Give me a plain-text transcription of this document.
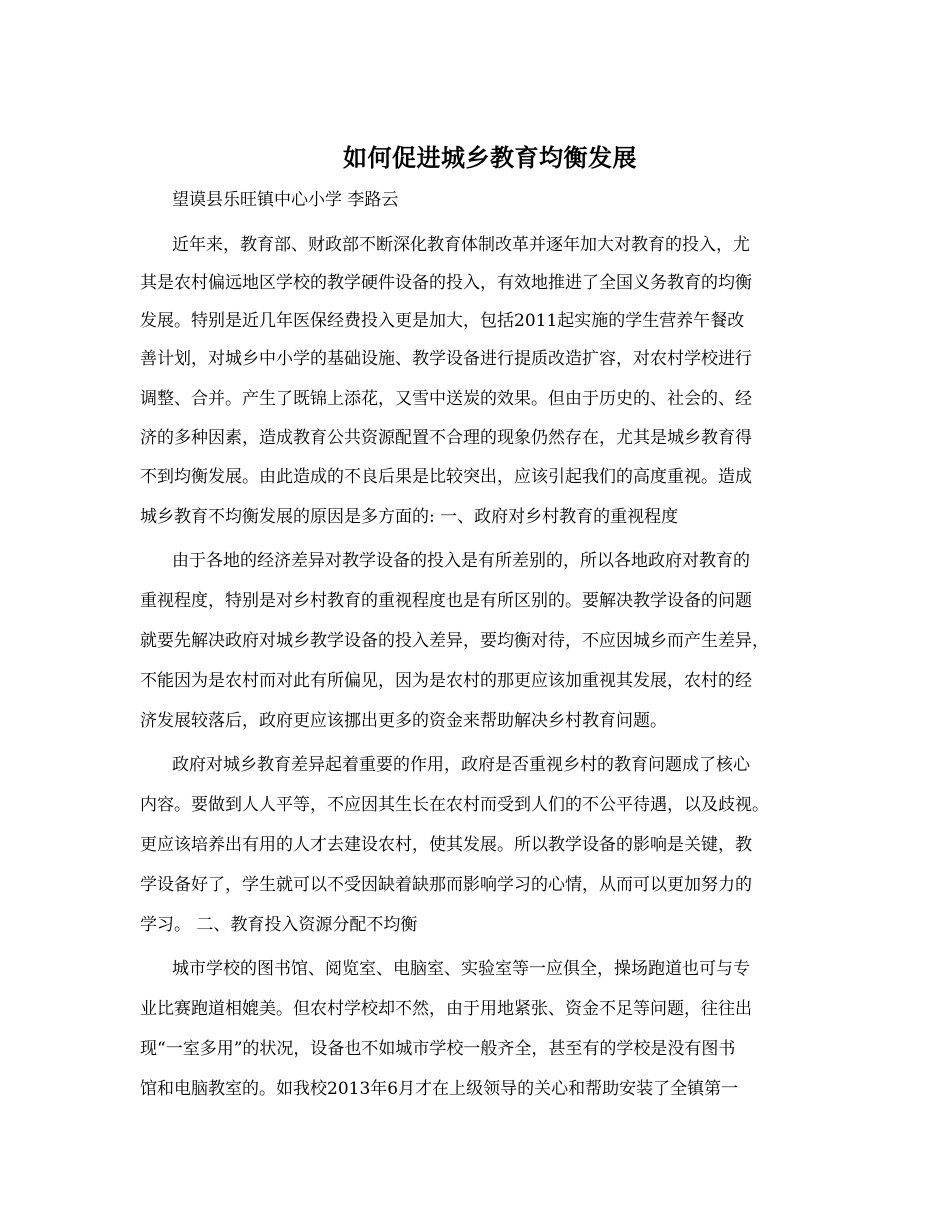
如何促进城乡教育均衡发展
望谟县乐旺镇中心小学 李路云
近年来，教育部、财政部不断深化教育体制改革并逐年加大对教育的投入，尤
其是农村偏远地区学校的教学硬件设备的投入，有效地推进了全国义务教育的均衡
发展。特别是近几年医保经费投入更是加大，包括2011起实施的学生营养午餐改
善计划，对城乡中小学的基础设施、教学设备进行提质改造扩容，对农村学校进行
调整、合并。产生了既锦上添花，又雪中送炭的效果。但由于历史的、社会的、经
济的多种因素，造成教育公共资源配置不合理的现象仍然存在，尤其是城乡教育得
不到均衡发展。由此造成的不良后果是比较突出，应该引起我们的高度重视。造成
城乡教育不均衡发展的原因是多方面的: 一、政府对乡村教育的重视程度
由于各地的经济差异对教学设备的投入是有所差别的，所以各地政府对教育的
重视程度，特别是对乡村教育的重视程度也是有所区别的。要解决教学设备的问题
就要先解决政府对城乡教学设备的投入差异，要均衡对待，不应因城乡而产生差异，
不能因为是农村而对此有所偏见，因为是农村的那更应该加重视其发展，农村的经
济发展较落后，政府更应该挪出更多的资金来帮助解决乡村教育问题。
政府对城乡教育差异起着重要的作用，政府是否重视乡村的教育问题成了核心
内容。要做到人人平等，不应因其生长在农村而受到人们的不公平待遇，以及歧视。
更应该培养出有用的人才去建设农村，使其发展。所以教学设备的影响是关键，教
学设备好了，学生就可以不受因缺着缺那而影响学习的心情，从而可以更加努力的
学习。 二、教育投入资源分配不均衡
城市学校的图书馆、阅览室、电脑室、实验室等一应俱全，操场跑道也可与专
业比赛跑道相媲美。但农村学校却不然，由于用地紧张、资金不足等问题，往往出
现“一室多用”的状况，设备也不如城市学校一般齐全，甚至有的学校是没有图书
馆和电脑教室的。如我校2013年6月才在上级领导的关心和帮助安装了全镇第一
